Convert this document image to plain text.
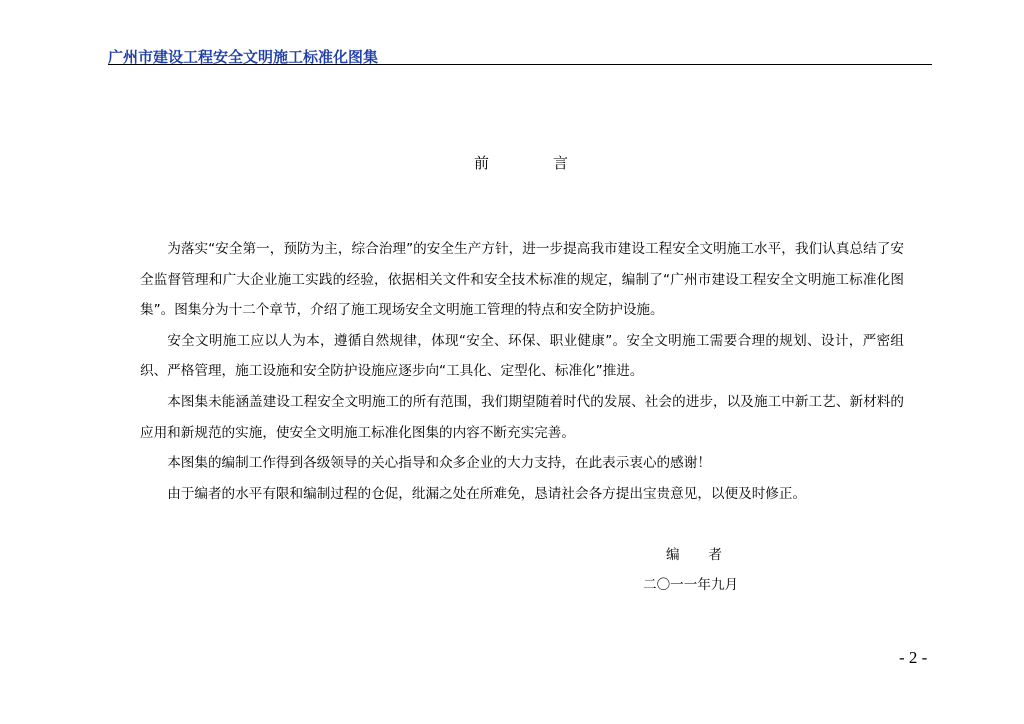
广州市建设工程安全文明施工标准化图集
前	言

为落实“安全第一，预防为主，综合治理”的安全生产方针，进一步提高我市建设工程安全文明施工水平，我们认真总结了安全监督管理和广大企业施工实践的经验，依据相关文件和安全技术标准的规定，编制了“广州市建设工程安全文明施工标准化图集”。图集分为十二个章节，介绍了施工现场安全文明施工管理的特点和安全防护设施。

安全文明施工应以人为本，遵循自然规律，体现“安全、环保、职业健康”。安全文明施工需要合理的规划、设计，严密组织、严格管理，施工设施和安全防护设施应逐步向“工具化、定型化、标准化”推进。

本图集未能涵盖建设工程安全文明施工的所有范围，我们期望随着时代的发展、社会的进步，以及施工中新工艺、新材料的应用和新规范的实施，使安全文明施工标准化图集的内容不断充实完善。

本图集的编制工作得到各级领导的关心指导和众多企业的大力支持，在此表示衷心的感谢！

由于编者的水平有限和编制过程的仓促，纰漏之处在所难免，恳请社会各方提出宝贵意见，以便及时修正。

编 者
二〇一一年九月
- 2 -
